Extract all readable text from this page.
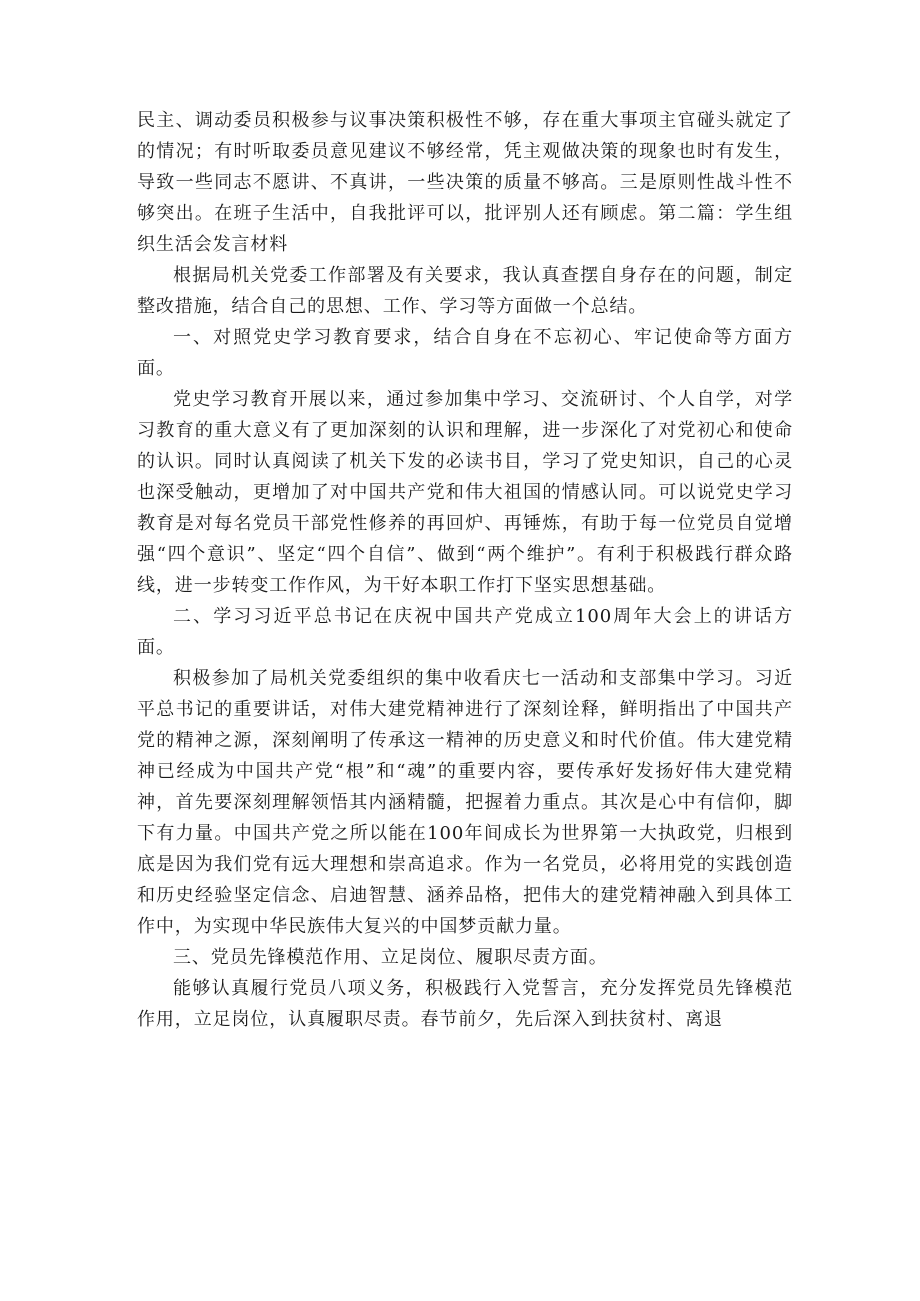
民主、调动委员积极参与议事决策积极性不够，存在重大事项主官碰头就定了的情况；有时听取委员意见建议不够经常，凭主观做决策的现象也时有发生，导致一些同志不愿讲、不真讲，一些决策的质量不够高。三是原则性战斗性不够突出。在班子生活中，自我批评可以，批评别人还有顾虑。第二篇：学生组织生活会发言材料

根据局机关党委工作部署及有关要求，我认真查摆自身存在的问题，制定整改措施，结合自己的思想、工作、学习等方面做一个总结。

一、对照党史学习教育要求，结合自身在不忘初心、牢记使命等方面方面。

党史学习教育开展以来，通过参加集中学习、交流研讨、个人自学，对学习教育的重大意义有了更加深刻的认识和理解，进一步深化了对党初心和使命的认识。同时认真阅读了机关下发的必读书目，学习了党史知识，自己的心灵也深受触动，更增加了对中国共产党和伟大祖国的情感认同。可以说党史学习教育是对每名党员干部党性修养的再回炉、再锤炼，有助于每一位党员自觉增强“四个意识”、坚定“四个自信”、做到“两个维护”。有利于积极践行群众路线，进一步转变工作作风，为干好本职工作打下坚实思想基础。

二、学习习近平总书记在庆祝中国共产党成立100周年大会上的讲话方面。

积极参加了局机关党委组织的集中收看庆七一活动和支部集中学习。习近平总书记的重要讲话，对伟大建党精神进行了深刻诠释，鲜明指出了中国共产党的精神之源，深刻阐明了传承这一精神的历史意义和时代价值。伟大建党精神已经成为中国共产党“根”和“魂”的重要内容，要传承好发扬好伟大建党精神，首先要深刻理解领悟其内涵精髓，把握着力重点。其次是心中有信仰，脚下有力量。中国共产党之所以能在100年间成长为世界第一大执政党，归根到底是因为我们党有远大理想和崇高追求。作为一名党员，必将用党的实践创造和历史经验坚定信念、启迪智慧、涵养品格，把伟大的建党精神融入到具体工作中，为实现中华民族伟大复兴的中国梦贡献力量。

三、党员先锋模范作用、立足岗位、履职尽责方面。

能够认真履行党员八项义务，积极践行入党誓言，充分发挥党员先锋模范作用，立足岗位，认真履职尽责。春节前夕，先后深入到扶贫村、离退
